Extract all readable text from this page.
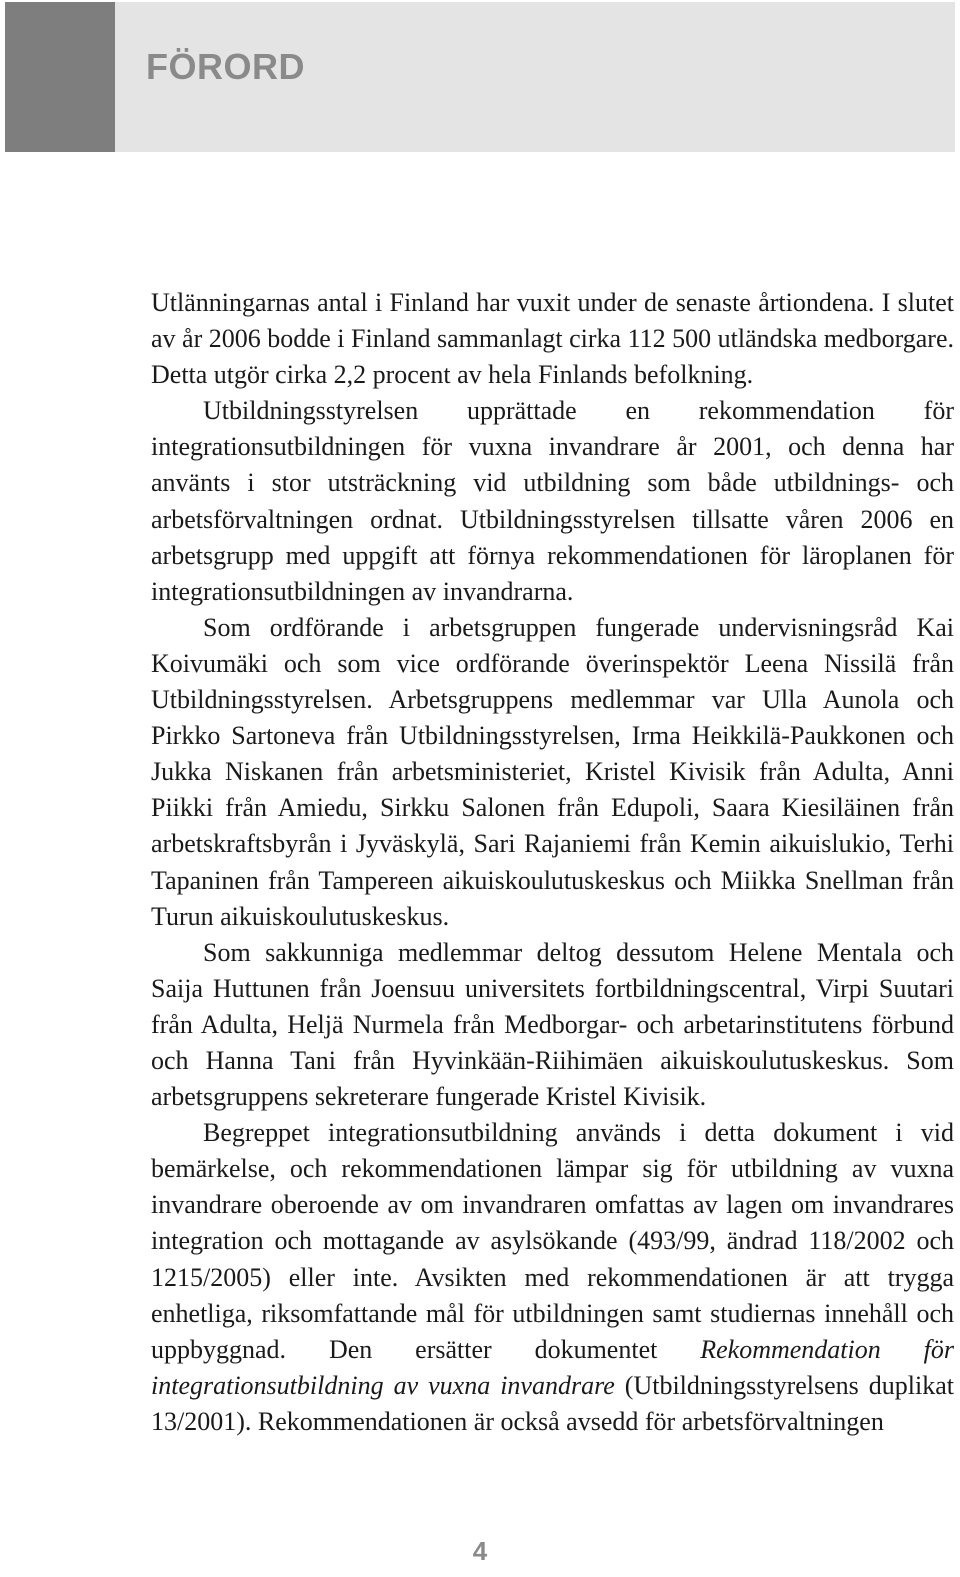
FÖRORD

Utlänningarnas antal i Finland har vuxit under de senaste årtiondena. I slutet av år 2006 bodde i Finland sammanlagt cirka 112 500 utländska medborgare. Detta utgör cirka 2,2 procent av hela Finlands befolkning.

Utbildningsstyrelsen upprättade en rekommendation för integrationsutbildningen för vuxna invandrare år 2001, och denna har använts i stor utsträckning vid utbildning som både utbildnings- och arbetsförvaltningen ordnat. Utbildningsstyrelsen tillsatte våren 2006 en arbetsgrupp med uppgift att förnya rekommendationen för läroplanen för integrationsutbildningen av invandrarna.

Som ordförande i arbetsgruppen fungerade undervisningsråd Kai Koivumäki och som vice ordförande överinspektör Leena Nissilä från Utbildningsstyrelsen. Arbetsgruppens medlemmar var Ulla Aunola och Pirkko Sartoneva från Utbildningsstyrelsen, Irma Heikkilä-Paukkonen och Jukka Niskanen från arbetsministeriet, Kristel Kivisik från Adulta, Anni Piikki från Amiedu, Sirkku Salonen från Edupoli, Saara Kiesiläinen från arbetskraftsbyrån i Jyväskylä, Sari Rajaniemi från Kemin aikuislukio, Terhi Tapaninen från Tampereen aikuiskoulutuskeskus och Miikka Snellman från Turun aikuiskoulutuskeskus.

Som sakkunniga medlemmar deltog dessutom Helene Mentala och Saija Huttunen från Joensuu universitets fortbildningscentral, Virpi Suutari från Adulta, Heljä Nurmela från Medborgar- och arbetarinstitutens förbund och Hanna Tani från Hyvinkään-Riihimäen aikuiskoulutuskeskus. Som arbetsgruppens sekreterare fungerade Kristel Kivisik.

Begreppet integrationsutbildning används i detta dokument i vid bemärkelse, och rekommendationen lämpar sig för utbildning av vuxna invandrare oberoende av om invandraren omfattas av lagen om invandrares integration och mottagande av asylsökande (493/99, ändrad 118/2002 och 1215/2005) eller inte. Avsikten med rekommendationen är att trygga enhetliga, riksomfattande mål för utbildningen samt studiernas innehåll och uppbyggnad. Den ersätter dokumentet Rekommendation för integrationsutbildning av vuxna invandrare (Utbildningsstyrelsens duplikat 13/2001). Rekommendationen är också avsedd för arbetsförvaltningen

4
